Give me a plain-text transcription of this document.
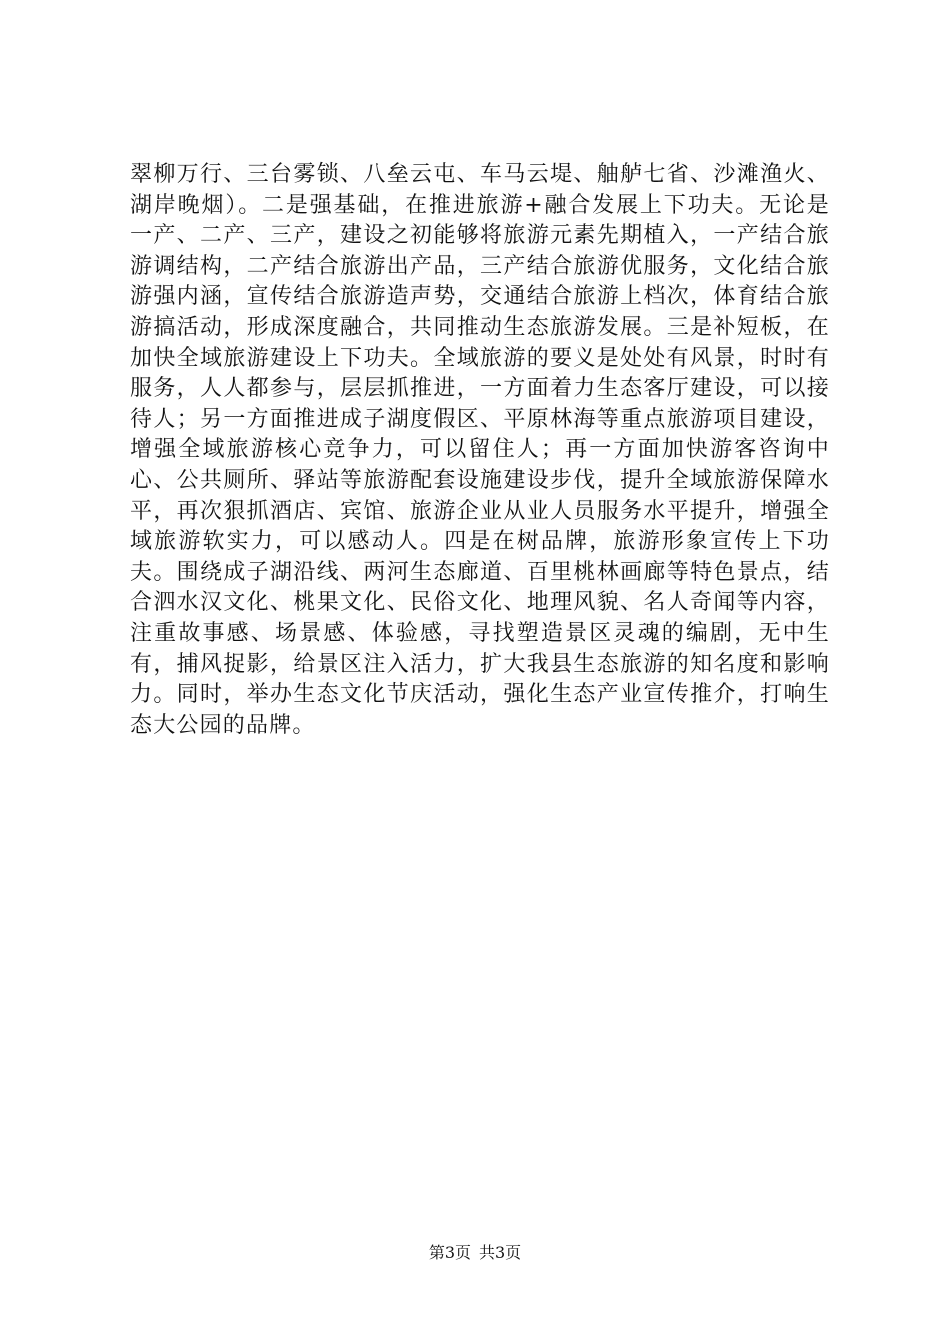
翠柳万行、三台雾锁、八垒云屯、车马云堤、舳舻七省、沙滩渔火、湖岸晚烟）。二是强基础，在推进旅游+融合发展上下功夫。无论是一产、二产、三产，建设之初能够将旅游元素先期植入，一产结合旅游调结构，二产结合旅游出产品，三产结合旅游优服务，文化结合旅游强内涵，宣传结合旅游造声势，交通结合旅游上档次，体育结合旅游搞活动，形成深度融合，共同推动生态旅游发展。三是补短板，在加快全域旅游建设上下功夫。全域旅游的要义是处处有风景，时时有服务，人人都参与，层层抓推进，一方面着力生态客厅建设，可以接待人；另一方面推进成子湖度假区、平原林海等重点旅游项目建设，增强全域旅游核心竞争力，可以留住人；再一方面加快游客咨询中心、公共厕所、驿站等旅游配套设施建设步伐，提升全域旅游保障水平，再次狠抓酒店、宾馆、旅游企业从业人员服务水平提升，增强全域旅游软实力，可以感动人。四是在树品牌，旅游形象宣传上下功夫。围绕成子湖沿线、两河生态廊道、百里桃林画廊等特色景点，结合泗水汉文化、桃果文化、民俗文化、地理风貌、名人奇闻等内容，注重故事感、场景感、体验感，寻找塑造景区灵魂的编剧，无中生有，捕风捉影，给景区注入活力，扩大我县生态旅游的知名度和影响力。同时，举办生态文化节庆活动，强化生态产业宣传推介，打响生态大公园的品牌。

第3页 共3页
